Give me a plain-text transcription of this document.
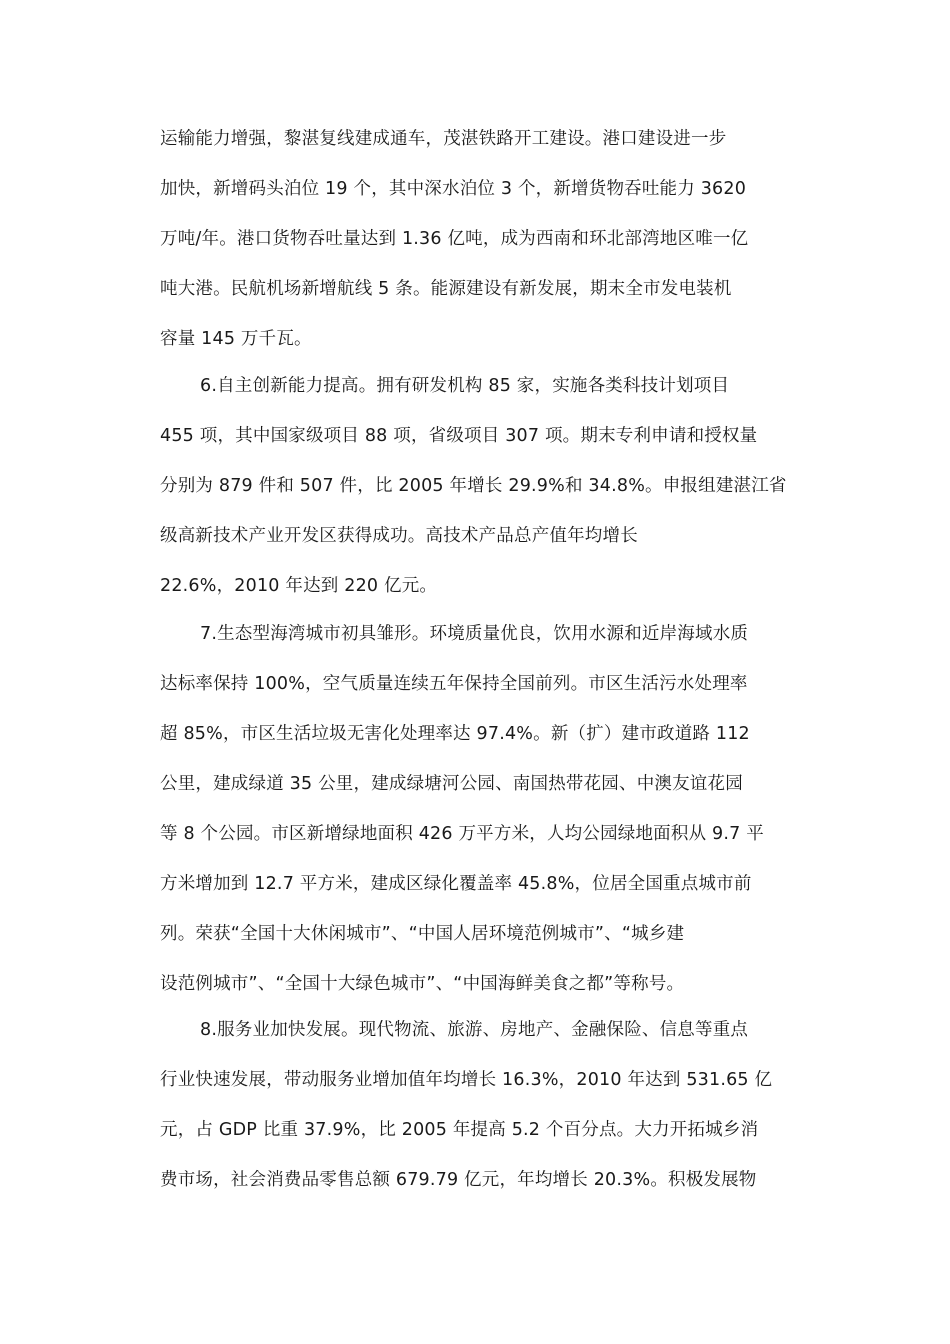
运输能力增强，黎湛复线建成通车，茂湛铁路开工建设。港口建设进一步
加快，新增码头泊位 19 个，其中深水泊位 3 个，新增货物吞吐能力 3620
万吨/年。港口货物吞吐量达到 1.36 亿吨，成为西南和环北部湾地区唯一亿
吨大港。民航机场新增航线 5 条。能源建设有新发展，期末全市发电装机
容量 145 万千瓦。
6.自主创新能力提高。拥有研发机构 85 家，实施各类科技计划项目
455 项，其中国家级项目 88 项，省级项目 307 项。期末专利申请和授权量
分别为 879 件和 507 件，比 2005 年增长 29.9%和 34.8%。申报组建湛江省
级高新技术产业开发区获得成功。高技术产品总产值年均增长
22.6%，2010 年达到 220 亿元。
7.生态型海湾城市初具雏形。环境质量优良，饮用水源和近岸海域水质
达标率保持 100%，空气质量连续五年保持全国前列。市区生活污水处理率
超 85%，市区生活垃圾无害化处理率达 97.4%。新（扩）建市政道路 112
公里，建成绿道 35 公里，建成绿塘河公园、南国热带花园、中澳友谊花园
等 8 个公园。市区新增绿地面积 426 万平方米，人均公园绿地面积从 9.7 平
方米增加到 12.7 平方米，建成区绿化覆盖率 45.8%，位居全国重点城市前
列。荣获“全国十大休闲城市”、“中国人居环境范例城市”、“城乡建
设范例城市”、“全国十大绿色城市”、“中国海鲜美食之都”等称号。
8.服务业加快发展。现代物流、旅游、房地产、金融保险、信息等重点
行业快速发展，带动服务业增加值年均增长 16.3%，2010 年达到 531.65 亿
元，占 GDP 比重 37.9%，比 2005 年提高 5.2 个百分点。大力开拓城乡消
费市场，社会消费品零售总额 679.79 亿元，年均增长 20.3%。积极发展物
